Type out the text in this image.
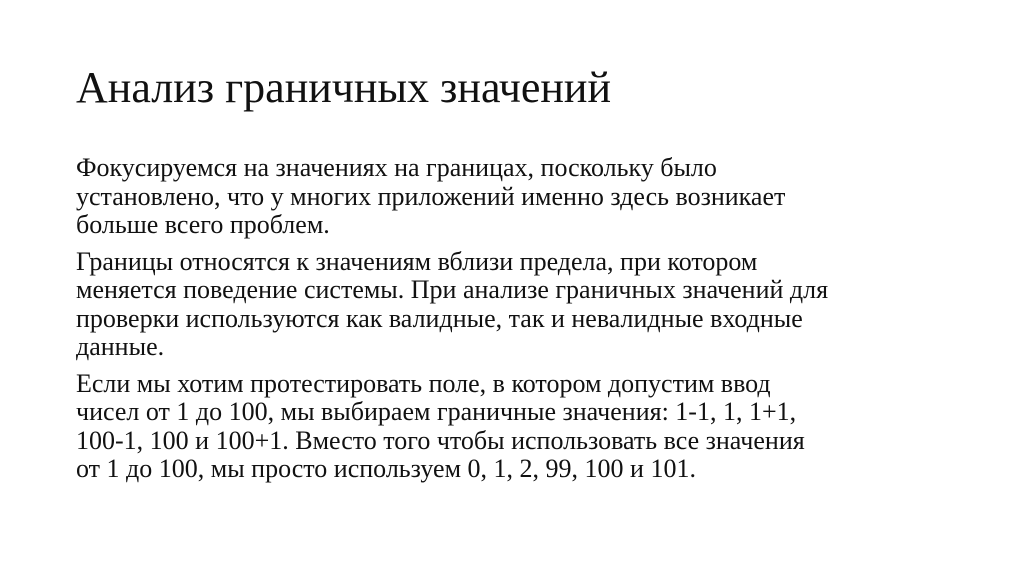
Анализ граничных значений

Фокусируемся на значениях на границах, поскольку было
установлено, что у многих приложений именно здесь возникает
больше всего проблем.

Границы относятся к значениям вблизи предела, при котором
меняется поведение системы. При анализе граничных значений для
проверки используются как валидные, так и невалидные входные
данные.

Если мы хотим протестировать поле, в котором допустим ввод
чисел от 1 до 100, мы выбираем граничные значения: 1-1, 1, 1+1,
100-1, 100 и 100+1. Вместо того чтобы использовать все значения
от 1 до 100, мы просто используем 0, 1, 2, 99, 100 и 101.
